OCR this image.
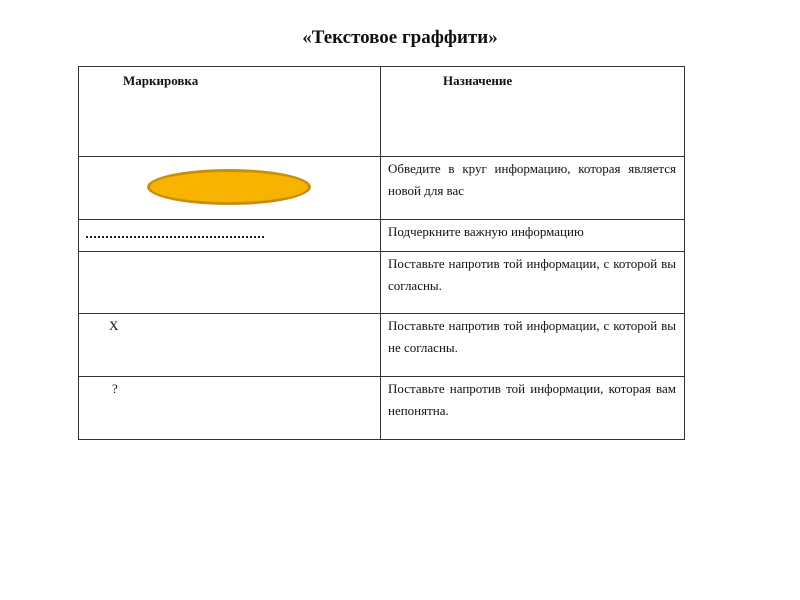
«Текстовое граффити»
Маркировка	Назначение

	Обведите в круг информацию, которая является новой для вас

	Подчеркните важную информацию

	Поставьте напротив той информации, с которой вы согласны.

X	Поставьте напротив той информации, с которой вы не согласны.

?	Поставьте напротив той информации, которая вам непонятна.
